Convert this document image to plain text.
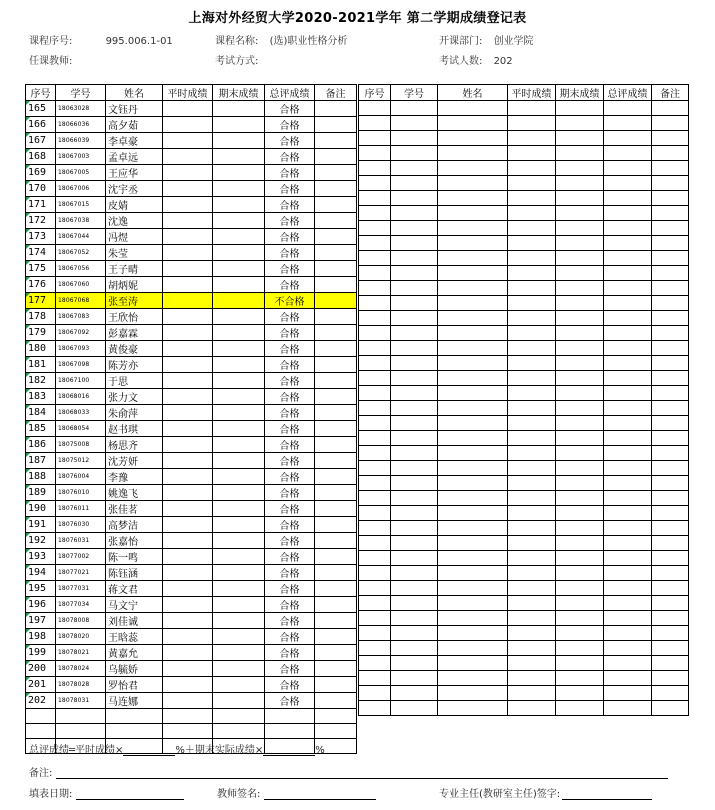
上海对外经贸大学2020-2021学年 第二学期成绩登记表
课程序号:	995.006.1-01	课程名称: (选)职业性格分析	开课部门: 创业学院
任课教师:	考试方式:	考试人数: 202
序号	学号	姓名	平时成绩	期末成绩	总评成绩	备注

165	18063028	文钰丹			合格	

166	18066036	高夕茹			合格	

167	18066039	李卓豪			合格	

168	18067003	孟卓远			合格	

169	18067005	王应华			合格	

170	18067006	沈宇丞			合格	

171	18067015	皮婧			合格	

172	18067038	沈逸			合格	

173	18067044	冯煜			合格	

174	18067052	朱莹			合格	

175	18067056	王子晴			合格	

176	18067060	胡炳妮			合格	

177	18067068	张至涛			不合格	

178	18067083	王欣怡			合格	

179	18067092	彭嘉霖			合格	

180	18067093	黄俊豪			合格	

181	18067098	陈芳亦			合格	

182	18067100	于思			合格	

183	18068016	张力文			合格	

184	18068033	朱俞萍			合格	

185	18068054	赵书琪			合格	

186	18075008	杨思齐			合格	

187	18075012	沈芳妍			合格	

188	18076004	李豫			合格	

189	18076010	姚逸飞			合格	

190	18076011	张佳茗			合格	

191	18076030	高梦洁			合格	

192	18076031	张嘉怡			合格	

193	18077002	陈一鸣			合格	

194	18077021	陈钰涵			合格	

195	18077031	蒋文君			合格	

196	18077034	马文宁			合格	

197	18078008	刘佳诚			合格	

198	18078020	王晗蕊			合格	

199	18078021	黄嘉允			合格	

200	18078024	乌毓娇			合格	

201	18078028	罗怡君			合格	

202	18078031	马连娜			合格	

序号	学号	姓名	平时成绩	期末成绩	总评成绩	备注

总评成绩═平时成绩×	%＋期末实际成绩×	%
备注:
填表日期:	教师签名:	专业主任(教研室主任)签字:
